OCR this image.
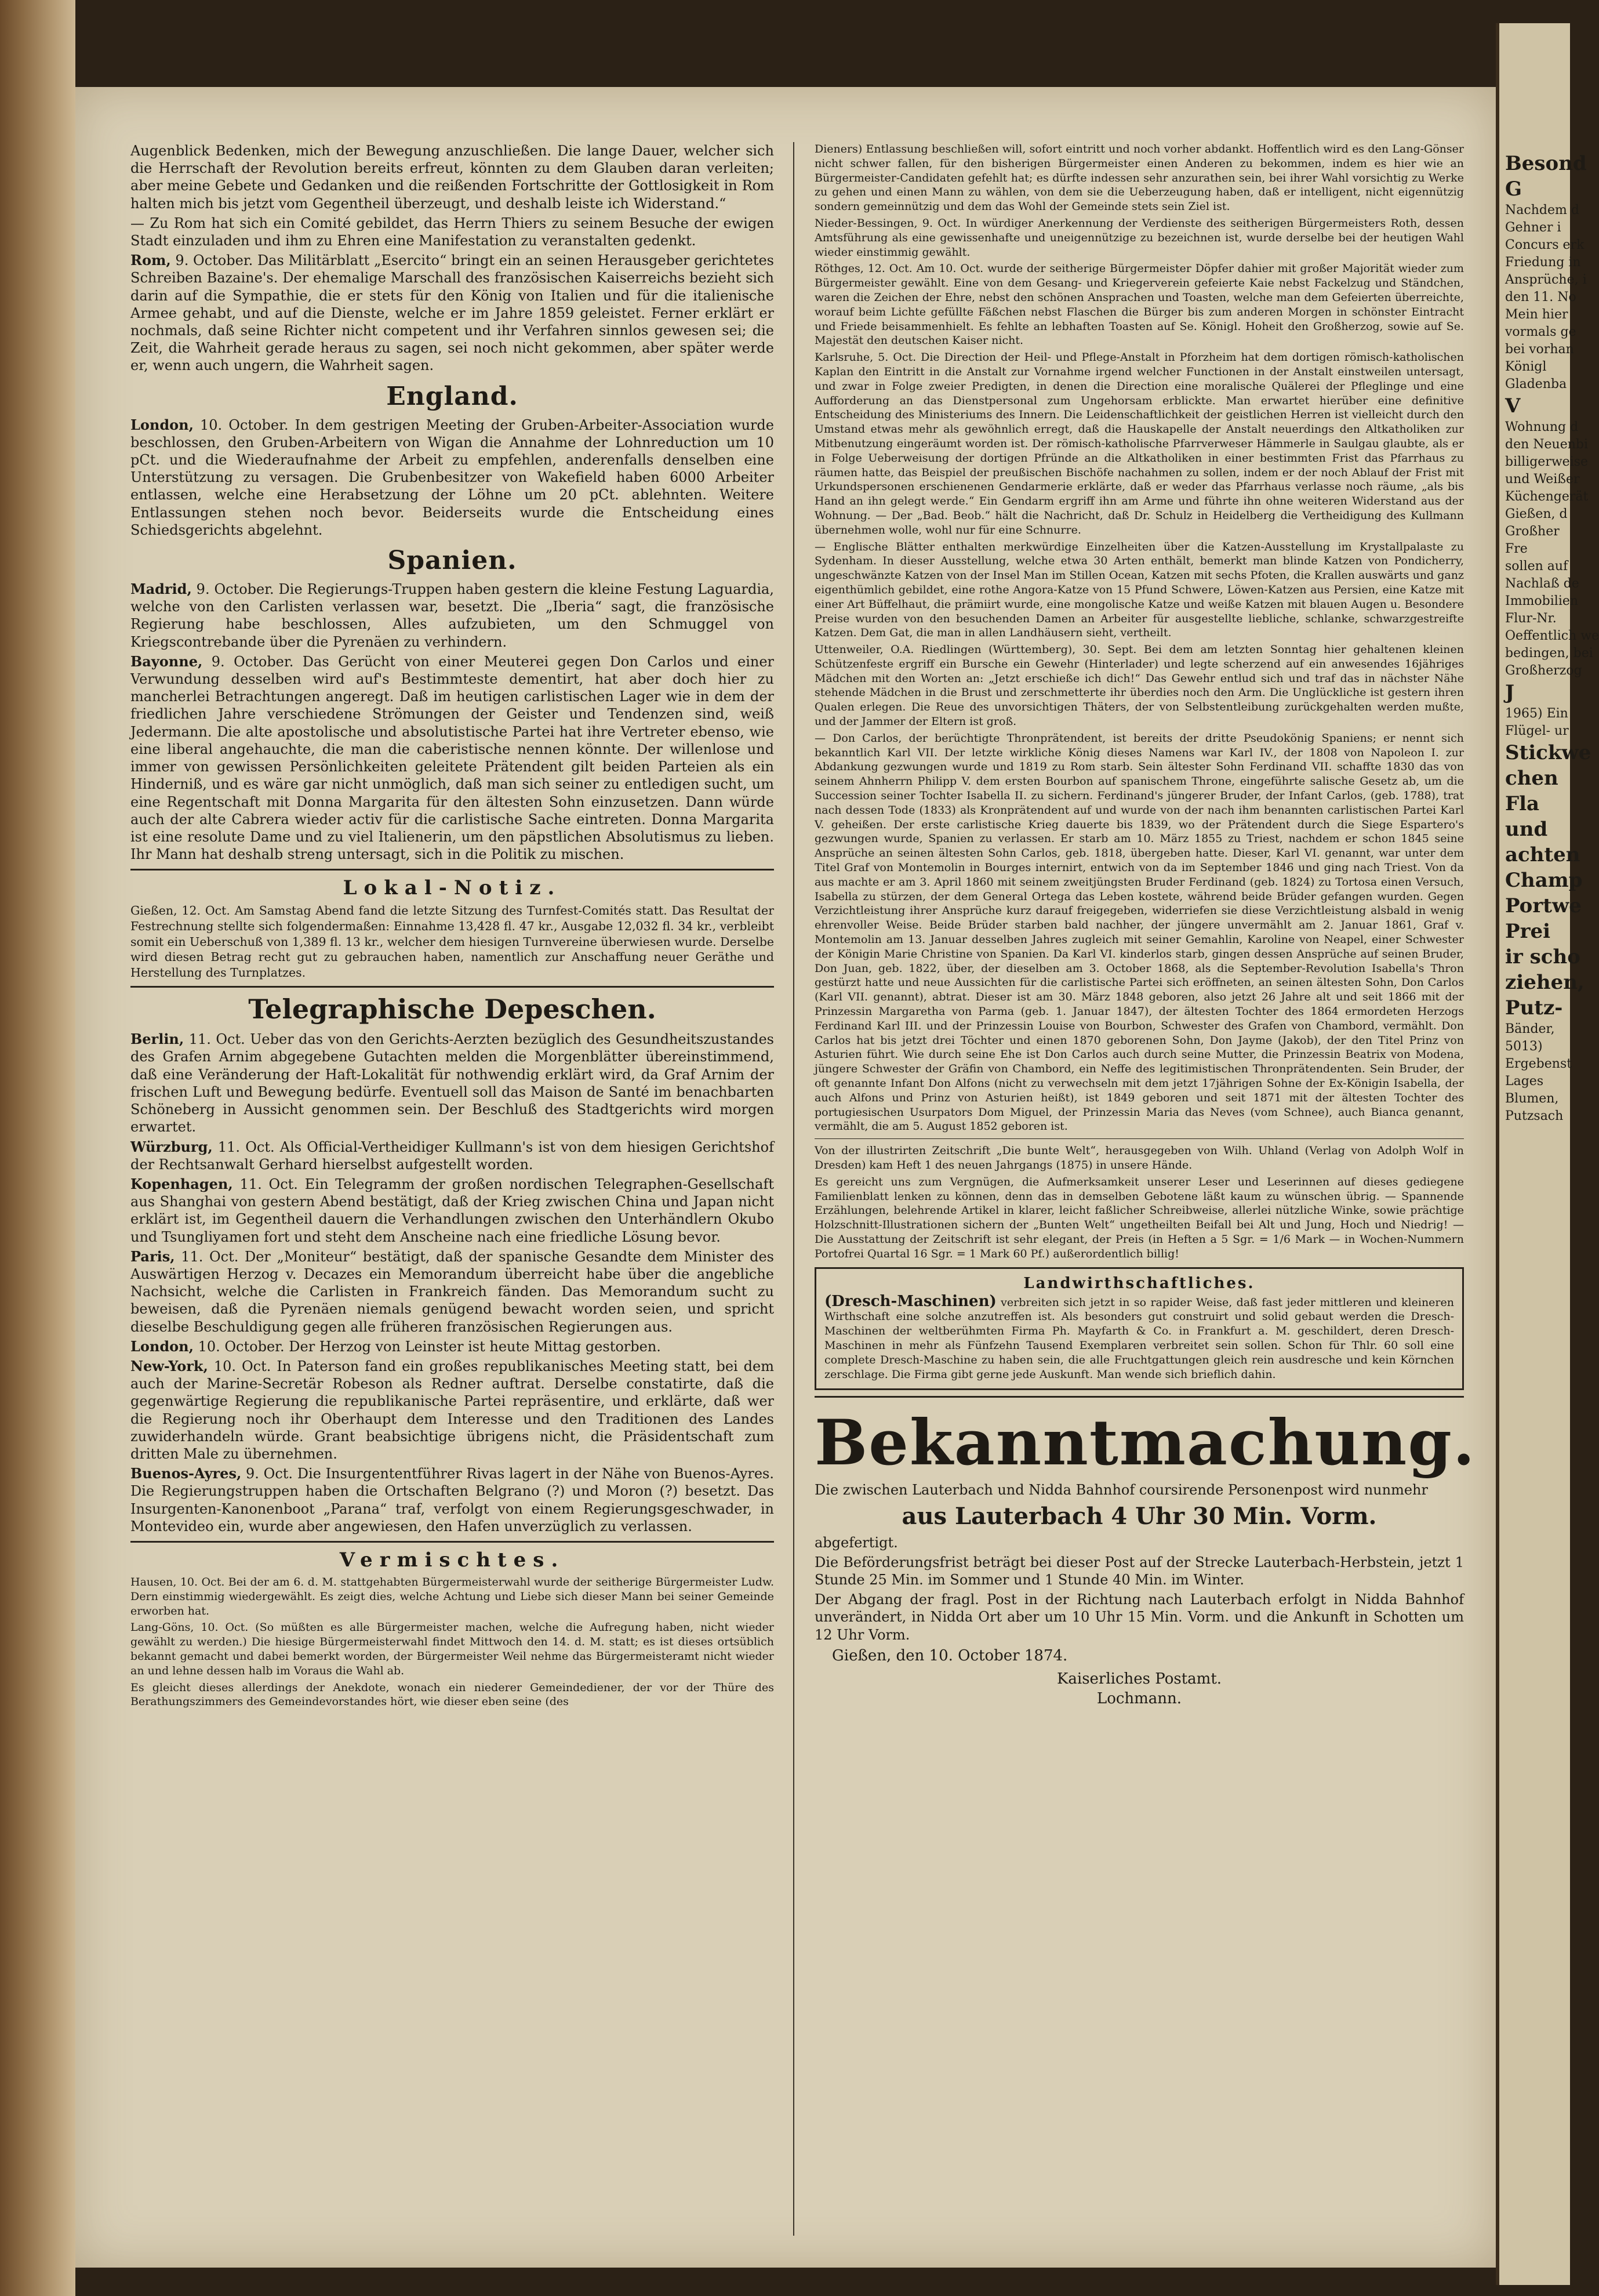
Augenblick Bedenken, mich der Bewegung anzuschließen. Die lange Dauer, welcher sich die Herrschaft der Revolution bereits erfreut, könnten zu dem Glauben daran verleiten; aber meine Gebete und Gedanken und die reißenden Fortschritte der Gottlosigkeit in Rom halten mich bis jetzt vom Gegentheil überzeugt, und deshalb leiste ich Widerstand.“

— Zu Rom hat sich ein Comité gebildet, das Herrn Thiers zu seinem Besuche der ewigen Stadt einzuladen und ihm zu Ehren eine Manifestation zu veranstalten gedenkt.

Rom, 9. October. Das Militärblatt „Esercito“ bringt ein an seinen Herausgeber gerichtetes Schreiben Bazaine's. Der ehemalige Marschall des französischen Kaiserreichs bezieht sich darin auf die Sympathie, die er stets für den König von Italien und für die italienische Armee gehabt, und auf die Dienste, welche er im Jahre 1859 geleistet. Ferner erklärt er nochmals, daß seine Richter nicht competent und ihr Verfahren sinnlos gewesen sei; die Zeit, die Wahrheit gerade heraus zu sagen, sei noch nicht gekommen, aber später werde er, wenn auch ungern, die Wahrheit sagen.

England.

London, 10. October. In dem gestrigen Meeting der Gruben-Arbeiter-Association wurde beschlossen, den Gruben-Arbeitern von Wigan die Annahme der Lohnreduction um 10 pCt. und die Wiederaufnahme der Arbeit zu empfehlen, anderenfalls denselben eine Unterstützung zu versagen. Die Grubenbesitzer von Wakefield haben 6000 Arbeiter entlassen, welche eine Herabsetzung der Löhne um 20 pCt. ablehnten. Weitere Entlassungen stehen noch bevor. Beiderseits wurde die Entscheidung eines Schiedsgerichts abgelehnt.

Spanien.

Madrid, 9. October. Die Regierungs-Truppen haben gestern die kleine Festung Laguardia, welche von den Carlisten verlassen war, besetzt. Die „Iberia“ sagt, die französische Regierung habe beschlossen, Alles aufzubieten, um den Schmuggel von Kriegscontrebande über die Pyrenäen zu verhindern.

Bayonne, 9. October. Das Gerücht von einer Meuterei gegen Don Carlos und einer Verwundung desselben wird auf's Bestimmteste dementirt, hat aber doch hier zu mancherlei Betrachtungen angeregt. Daß im heutigen carlistischen Lager wie in dem der friedlichen Jahre verschiedene Strömungen der Geister und Tendenzen sind, weiß Jedermann. Die alte apostolische und absolutistische Partei hat ihre Vertreter ebenso, wie eine liberal angehauchte, die man die caberistische nennen könnte. Der willenlose und immer von gewissen Persönlichkeiten geleitete Prätendent gilt beiden Parteien als ein Hinderniß, und es wäre gar nicht unmöglich, daß man sich seiner zu entledigen sucht, um eine Regentschaft mit Donna Margarita für den ältesten Sohn einzusetzen. Dann würde auch der alte Cabrera wieder activ für die carlistische Sache eintreten. Donna Margarita ist eine resolute Dame und zu viel Italienerin, um den päpstlichen Absolutismus zu lieben. Ihr Mann hat deshalb streng untersagt, sich in die Politik zu mischen.

Lokal-Notiz.

Gießen, 12. Oct. Am Samstag Abend fand die letzte Sitzung des Turnfest-Comités statt. Das Resultat der Festrechnung stellte sich folgendermaßen: Einnahme 13,428 fl. 47 kr., Ausgabe 12,032 fl. 34 kr., verbleibt somit ein Ueberschuß von 1,389 fl. 13 kr., welcher dem hiesigen Turnvereine überwiesen wurde. Derselbe wird diesen Betrag recht gut zu gebrauchen haben, namentlich zur Anschaffung neuer Geräthe und Herstellung des Turnplatzes.

Telegraphische Depeschen.

Berlin, 11. Oct. Ueber das von den Gerichts-Aerzten bezüglich des Gesundheitszustandes des Grafen Arnim abgegebene Gutachten melden die Morgenblätter übereinstimmend, daß eine Veränderung der Haft-Lokalität für nothwendig erklärt wird, da Graf Arnim der frischen Luft und Bewegung bedürfe. Eventuell soll das Maison de Santé im benachbarten Schöneberg in Aussicht genommen sein. Der Beschluß des Stadtgerichts wird morgen erwartet.

Würzburg, 11. Oct. Als Official-Vertheidiger Kullmann's ist von dem hiesigen Gerichtshof der Rechtsanwalt Gerhard hierselbst aufgestellt worden.

Kopenhagen, 11. Oct. Ein Telegramm der großen nordischen Telegraphen-Gesellschaft aus Shanghai von gestern Abend bestätigt, daß der Krieg zwischen China und Japan nicht erklärt ist, im Gegentheil dauern die Verhandlungen zwischen den Unterhändlern Okubo und Tsungliyamen fort und steht dem Anscheine nach eine friedliche Lösung bevor.

Paris, 11. Oct. Der „Moniteur“ bestätigt, daß der spanische Gesandte dem Minister des Auswärtigen Herzog v. Decazes ein Memorandum überreicht habe über die angebliche Nachsicht, welche die Carlisten in Frankreich fänden. Das Memorandum sucht zu beweisen, daß die Pyrenäen niemals genügend bewacht worden seien, und spricht dieselbe Beschuldigung gegen alle früheren französischen Regierungen aus.

London, 10. October. Der Herzog von Leinster ist heute Mittag gestorben.

New-York, 10. Oct. In Paterson fand ein großes republikanisches Meeting statt, bei dem auch der Marine-Secretär Robeson als Redner auftrat. Derselbe constatirte, daß die gegenwärtige Regierung die republikanische Partei repräsentire, und erklärte, daß wer die Regierung noch ihr Oberhaupt dem Interesse und den Traditionen des Landes zuwiderhandeln würde. Grant beabsichtige übrigens nicht, die Präsidentschaft zum dritten Male zu übernehmen.

Buenos-Ayres, 9. Oct. Die Insurgententführer Rivas lagert in der Nähe von Buenos-Ayres. Die Regierungstruppen haben die Ortschaften Belgrano (?) und Moron (?) besetzt. Das Insurgenten-Kanonenboot „Parana“ traf, verfolgt von einem Regierungsgeschwader, in Montevideo ein, wurde aber angewiesen, den Hafen unverzüglich zu verlassen.

Vermischtes.

Hausen, 10. Oct. Bei der am 6. d. M. stattgehabten Bürgermeisterwahl wurde der seitherige Bürgermeister Ludw. Dern einstimmig wiedergewählt. Es zeigt dies, welche Achtung und Liebe sich dieser Mann bei seiner Gemeinde erworben hat.

Lang-Göns, 10. Oct. (So müßten es alle Bürgermeister machen, welche die Aufregung haben, nicht wieder gewählt zu werden.) Die hiesige Bürgermeisterwahl findet Mittwoch den 14. d. M. statt; es ist dieses ortsüblich bekannt gemacht und dabei bemerkt worden, der Bürgermeister Weil nehme das Bürgermeisteramt nicht wieder an und lehne dessen halb im Voraus die Wahl ab.

Es gleicht dieses allerdings der Anekdote, wonach ein niederer Gemeindediener, der vor der Thüre des Berathungszimmers des Gemeindevorstandes hört, wie dieser eben seine (des

Dieners) Entlassung beschließen will, sofort eintritt und noch vorher abdankt. Hoffentlich wird es den Lang-Gönser nicht schwer fallen, für den bisherigen Bürgermeister einen Anderen zu bekommen, indem es hier wie an Bürgermeister-Candidaten gefehlt hat; es dürfte indessen sehr anzurathen sein, bei ihrer Wahl vorsichtig zu Werke zu gehen und einen Mann zu wählen, von dem sie die Ueberzeugung haben, daß er intelligent, nicht eigennützig sondern gemeinnützig und dem das Wohl der Gemeinde stets sein Ziel ist.

Nieder-Bessingen, 9. Oct. In würdiger Anerkennung der Verdienste des seitherigen Bürgermeisters Roth, dessen Amtsführung als eine gewissenhafte und uneigennützige zu bezeichnen ist, wurde derselbe bei der heutigen Wahl wieder einstimmig gewählt.

Röthges, 12. Oct. Am 10. Oct. wurde der seitherige Bürgermeister Döpfer dahier mit großer Majorität wieder zum Bürgermeister gewählt. Eine von dem Gesang- und Kriegerverein gefeierte Kaie nebst Fackelzug und Ständchen, waren die Zeichen der Ehre, nebst den schönen Ansprachen und Toasten, welche man dem Gefeierten überreichte, worauf beim Lichte gefüllte Fäßchen nebst Flaschen die Bürger bis zum anderen Morgen in schönster Eintracht und Friede beisammenhielt. Es fehlte an lebhaften Toasten auf Se. Königl. Hoheit den Großherzog, sowie auf Se. Majestät den deutschen Kaiser nicht.

Karlsruhe, 5. Oct. Die Direction der Heil- und Pflege-Anstalt in Pforzheim hat dem dortigen römisch-katholischen Kaplan den Eintritt in die Anstalt zur Vornahme irgend welcher Functionen in der Anstalt einstweilen untersagt, und zwar in Folge zweier Predigten, in denen die Direction eine moralische Quälerei der Pfleglinge und eine Aufforderung an das Dienstpersonal zum Ungehorsam erblickte. Man erwartet hierüber eine definitive Entscheidung des Ministeriums des Innern. Die Leidenschaftlichkeit der geistlichen Herren ist vielleicht durch den Umstand etwas mehr als gewöhnlich erregt, daß die Hauskapelle der Anstalt neuerdings den Altkatholiken zur Mitbenutzung eingeräumt worden ist. Der römisch-katholische Pfarrverweser Hämmerle in Saulgau glaubte, als er in Folge Ueberweisung der dortigen Pfründe an die Altkatholiken in einer bestimmten Frist das Pfarrhaus zu räumen hatte, das Beispiel der preußischen Bischöfe nachahmen zu sollen, indem er der noch Ablauf der Frist mit Urkundspersonen erschienenen Gendarmerie erklärte, daß er weder das Pfarrhaus verlasse noch räume, „als bis Hand an ihn gelegt werde.“ Ein Gendarm ergriff ihn am Arme und führte ihn ohne weiteren Widerstand aus der Wohnung. — Der „Bad. Beob.“ hält die Nachricht, daß Dr. Schulz in Heidelberg die Vertheidigung des Kullmann übernehmen wolle, wohl nur für eine Schnurre.

— Englische Blätter enthalten merkwürdige Einzelheiten über die Katzen-Ausstellung im Krystallpalaste zu Sydenham. In dieser Ausstellung, welche etwa 30 Arten enthält, bemerkt man blinde Katzen von Pondicherry, ungeschwänzte Katzen von der Insel Man im Stillen Ocean, Katzen mit sechs Pfoten, die Krallen auswärts und ganz eigenthümlich gebildet, eine rothe Angora-Katze von 15 Pfund Schwere, Löwen-Katzen aus Persien, eine Katze mit einer Art Büffelhaut, die prämiirt wurde, eine mongolische Katze und weiße Katzen mit blauen Augen u. Besondere Preise wurden von den besuchenden Damen an Arbeiter für ausgestellte liebliche, schlanke, schwarzgestreifte Katzen. Dem Gat, die man in allen Landhäusern sieht, vertheilt.

Uttenweiler, O.A. Riedlingen (Württemberg), 30. Sept. Bei dem am letzten Sonntag hier gehaltenen kleinen Schützenfeste ergriff ein Bursche ein Gewehr (Hinterlader) und legte scherzend auf ein anwesendes 16jähriges Mädchen mit den Worten an: „Jetzt erschieße ich dich!“ Das Gewehr entlud sich und traf das in nächster Nähe stehende Mädchen in die Brust und zerschmetterte ihr überdies noch den Arm. Die Unglückliche ist gestern ihren Qualen erlegen. Die Reue des unvorsichtigen Thäters, der von Selbstentleibung zurückgehalten werden mußte, und der Jammer der Eltern ist groß.

— Don Carlos, der berüchtigte Thronprätendent, ist bereits der dritte Pseudokönig Spaniens; er nennt sich bekanntlich Karl VII. Der letzte wirkliche König dieses Namens war Karl IV., der 1808 von Napoleon I. zur Abdankung gezwungen wurde und 1819 zu Rom starb. Sein ältester Sohn Ferdinand VII. schaffte 1830 das von seinem Ahnherrn Philipp V. dem ersten Bourbon auf spanischem Throne, eingeführte salische Gesetz ab, um die Succession seiner Tochter Isabella II. zu sichern. Ferdinand's jüngerer Bruder, der Infant Carlos, (geb. 1788), trat nach dessen Tode (1833) als Kronprätendent auf und wurde von der nach ihm benannten carlistischen Partei Karl V. geheißen. Der erste carlistische Krieg dauerte bis 1839, wo der Prätendent durch die Siege Espartero's gezwungen wurde, Spanien zu verlassen. Er starb am 10. März 1855 zu Triest, nachdem er schon 1845 seine Ansprüche an seinen ältesten Sohn Carlos, geb. 1818, übergeben hatte. Dieser, Karl VI. genannt, war unter dem Titel Graf von Montemolin in Bourges internirt, entwich von da im September 1846 und ging nach Triest. Von da aus machte er am 3. April 1860 mit seinem zweitjüngsten Bruder Ferdinand (geb. 1824) zu Tortosa einen Versuch, Isabella zu stürzen, der dem General Ortega das Leben kostete, während beide Brüder gefangen wurden. Gegen Verzichtleistung ihrer Ansprüche kurz darauf freigegeben, widerriefen sie diese Verzichtleistung alsbald in wenig ehrenvoller Weise. Beide Brüder starben bald nachher, der jüngere unvermählt am 2. Januar 1861, Graf v. Montemolin am 13. Januar desselben Jahres zugleich mit seiner Gemahlin, Karoline von Neapel, einer Schwester der Königin Marie Christine von Spanien. Da Karl VI. kinderlos starb, gingen dessen Ansprüche auf seinen Bruder, Don Juan, geb. 1822, über, der dieselben am 3. October 1868, als die September-Revolution Isabella's Thron gestürzt hatte und neue Aussichten für die carlistische Partei sich eröffneten, an seinen ältesten Sohn, Don Carlos (Karl VII. genannt), abtrat. Dieser ist am 30. März 1848 geboren, also jetzt 26 Jahre alt und seit 1866 mit der Prinzessin Margaretha von Parma (geb. 1. Januar 1847), der ältesten Tochter des 1864 ermordeten Herzogs Ferdinand Karl III. und der Prinzessin Louise von Bourbon, Schwester des Grafen von Chambord, vermählt. Don Carlos hat bis jetzt drei Töchter und einen 1870 geborenen Sohn, Don Jayme (Jakob), der den Titel Prinz von Asturien führt. Wie durch seine Ehe ist Don Carlos auch durch seine Mutter, die Prinzessin Beatrix von Modena, jüngere Schwester der Gräfin von Chambord, ein Neffe des legitimistischen Thronprätendenten. Sein Bruder, der oft genannte Infant Don Alfons (nicht zu verwechseln mit dem jetzt 17jährigen Sohne der Ex-Königin Isabella, der auch Alfons und Prinz von Asturien heißt), ist 1849 geboren und seit 1871 mit der ältesten Tochter des portugiesischen Usurpators Dom Miguel, der Prinzessin Maria das Neves (vom Schnee), auch Bianca genannt, vermählt, die am 5. August 1852 geboren ist.

Von der illustrirten Zeitschrift „Die bunte Welt“, herausgegeben von Wilh. Uhland (Verlag von Adolph Wolf in Dresden) kam Heft 1 des neuen Jahrgangs (1875) in unsere Hände.

Es gereicht uns zum Vergnügen, die Aufmerksamkeit unserer Leser und Leserinnen auf dieses gediegene Familienblatt lenken zu können, denn das in demselben Gebotene läßt kaum zu wünschen übrig. — Spannende Erzählungen, belehrende Artikel in klarer, leicht faßlicher Schreibweise, allerlei nützliche Winke, sowie prächtige Holzschnitt-Illustrationen sichern der „Bunten Welt“ ungetheilten Beifall bei Alt und Jung, Hoch und Niedrig! — Die Ausstattung der Zeitschrift ist sehr elegant, der Preis (in Heften a 5 Sgr. = 1/6 Mark — in Wochen-Nummern Portofrei Quartal 16 Sgr. = 1 Mark 60 Pf.) außerordentlich billig!

Landwirthschaftliches.

(Dresch-Maschinen) verbreiten sich jetzt in so rapider Weise, daß fast jeder mittleren und kleineren Wirthschaft eine solche anzutreffen ist. Als besonders gut construirt und solid gebaut werden die Dresch-Maschinen der weltberühmten Firma Ph. Mayfarth & Co. in Frankfurt a. M. geschildert, deren Dresch-Maschinen in mehr als Fünfzehn Tausend Exemplaren verbreitet sein sollen. Schon für Thlr. 60 soll eine complete Dresch-Maschine zu haben sein, die alle Fruchtgattungen gleich rein ausdresche und kein Körnchen zerschlage. Die Firma gibt gerne jede Auskunft. Man wende sich brieflich dahin.

Bekanntmachung.

Die zwischen Lauterbach und Nidda Bahnhof coursirende Personenpost wird nunmehr

aus Lauterbach 4 Uhr 30 Min. Vorm.

abgefertigt.

Die Beförderungsfrist beträgt bei dieser Post auf der Strecke Lauterbach-Herbstein, jetzt 1 Stunde 25 Min. im Sommer und 1 Stunde 40 Min. im Winter.

Der Abgang der fragl. Post in der Richtung nach Lauterbach erfolgt in Nidda Bahnhof unverändert, in Nidda Ort aber um 10 Uhr 15 Min. Vorm. und die Ankunft in Schotten um 12 Uhr Vorm.

Gießen, den 10. October 1874.
Kaiserliches Postamt.
Lochmann.
Besond
G
Nachdem d
Gehner i
Concurs erk
Friedung in
Ansprüche, i
den 11. No
Mein hier
vormals ge
bei vorhan
Königl
Gladenba
V
Wohnung d
den Neuenbi
billigerweise
und Weißer
Küchengerät
Gießen, d
Großher
Fre
sollen auf
Nachlaß de
Immobilien
Flur-Nr.
Oeffentlich we
bedingen, bei
Großherzog
J
1965) Ein
Flügel- ur
Stickwe
chen
Fla
und
achten
Champ
Portwe
Prei
ir scho
ziehen,
Putz-
Bänder,
5013)
Ergebenst
Lages
Blumen,
Putzsach
